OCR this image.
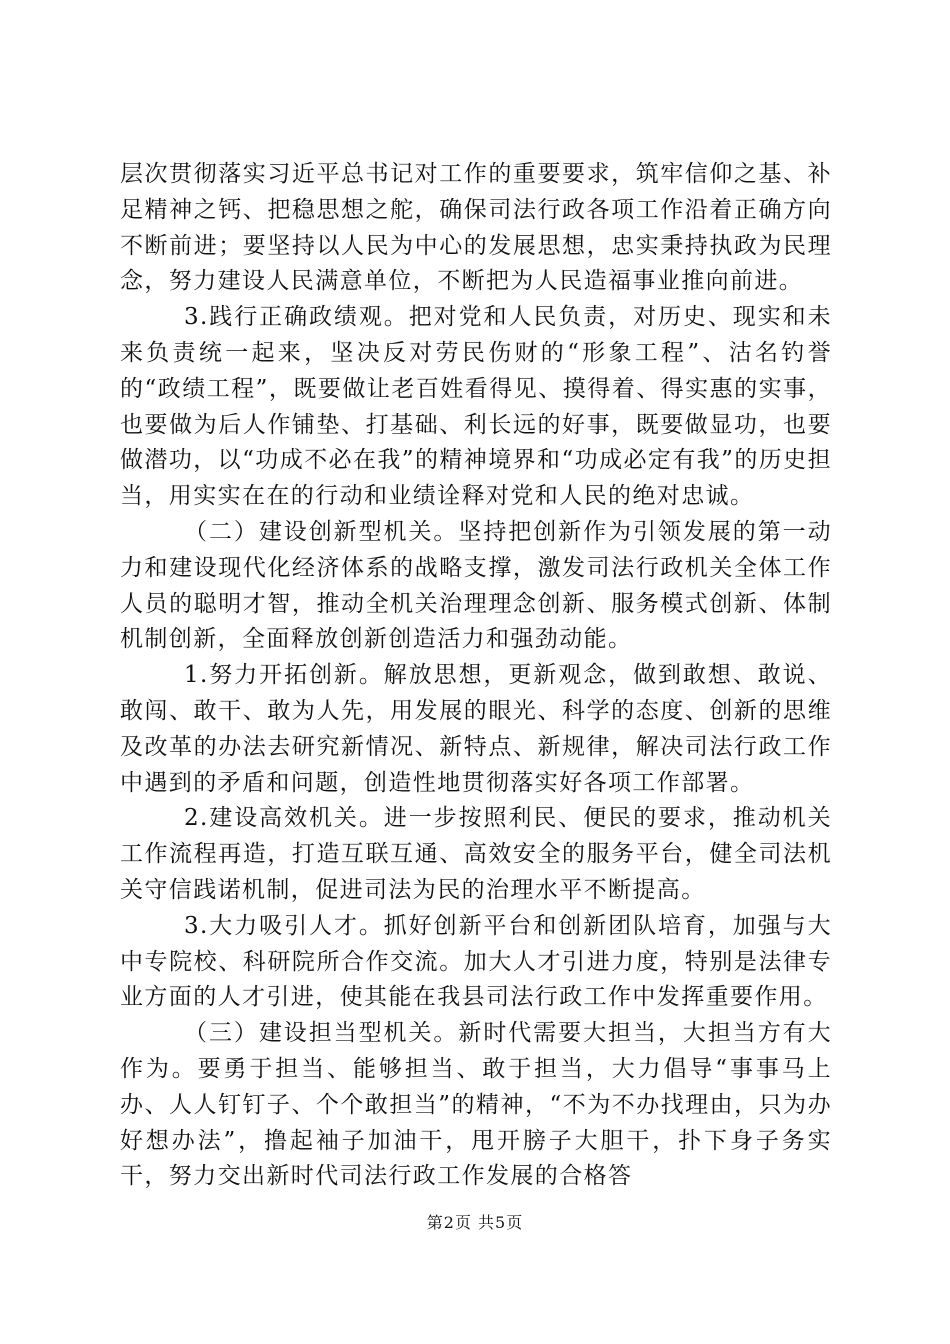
层次贯彻落实习近平总书记对工作的重要要求，筑牢信仰之基、补足精神之钙、把稳思想之舵，确保司法行政各项工作沿着正确方向不断前进；要坚持以人民为中心的发展思想，忠实秉持执政为民理念，努力建设人民满意单位，不断把为人民造福事业推向前进。

3.践行正确政绩观。把对党和人民负责，对历史、现实和未来负责统一起来，坚决反对劳民伤财的“形象工程”、沽名钓誉的“政绩工程”，既要做让老百姓看得见、摸得着、得实惠的实事，也要做为后人作铺垫、打基础、利长远的好事，既要做显功，也要做潜功，以“功成不必在我”的精神境界和“功成必定有我”的历史担当，用实实在在的行动和业绩诠释对党和人民的绝对忠诚。

（二）建设创新型机关。坚持把创新作为引领发展的第一动力和建设现代化经济体系的战略支撑，激发司法行政机关全体工作人员的聪明才智，推动全机关治理理念创新、服务模式创新、体制机制创新，全面释放创新创造活力和强劲动能。

1.努力开拓创新。解放思想，更新观念，做到敢想、敢说、敢闯、敢干、敢为人先，用发展的眼光、科学的态度、创新的思维及改革的办法去研究新情况、新特点、新规律，解决司法行政工作中遇到的矛盾和问题，创造性地贯彻落实好各项工作部署。

2.建设高效机关。进一步按照利民、便民的要求，推动机关工作流程再造，打造互联互通、高效安全的服务平台，健全司法机关守信践诺机制，促进司法为民的治理水平不断提高。

3.大力吸引人才。抓好创新平台和创新团队培育，加强与大中专院校、科研院所合作交流。加大人才引进力度，特别是法律专业方面的人才引进，使其能在我县司法行政工作中发挥重要作用。

（三）建设担当型机关。新时代需要大担当，大担当方有大作为。要勇于担当、能够担当、敢于担当，大力倡导“事事马上办、人人钉钉子、个个敢担当”的精神，“不为不办找理由，只为办好想办法”，撸起袖子加油干，甩开膀子大胆干，扑下身子务实干，努力交出新时代司法行政工作发展的合格答

第2页 共5页
